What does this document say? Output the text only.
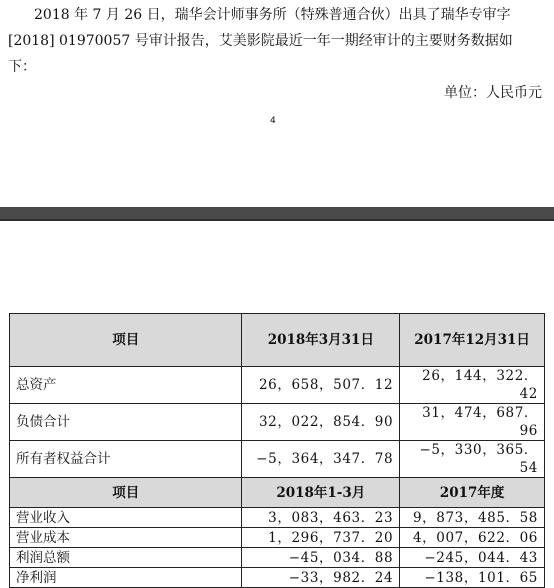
2018 年 7 月 26 日，瑞华会计师事务所（特殊普通合伙）出具了瑞华专审字
[2018] 01970057 号审计报告，艾美影院最近一年一期经审计的主要财务数据如
下：
单位：人民币元
4
项目	2018年3月31日	2017年12月31日
总资产	26，658，507．12	26，144，322．42
负债合计	32，022，854．90	31，474，687．96
所有者权益合计	−5，364，347．78	−5，330，365．54
项目	2018年1-3月	2017年度
营业收入	3，083，463．23	9，873，485．58
营业成本	1，296，737．20	4，007，622．06
利润总额	−45，034．88	−245，044．43
净利润	−33，982．24	−138，101．65
